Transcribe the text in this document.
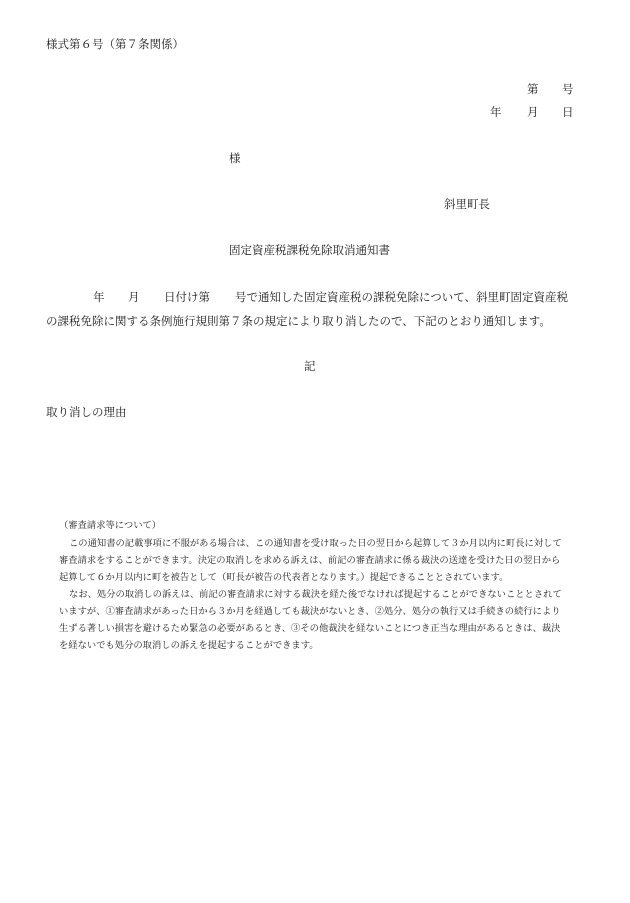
様式第６号（第７条関係）
第 号
年 月 日
様
斜里町長
固定資産税課税免除取消通知書
年 月 日付け第 号で通知した固定資産税の課税免除について、斜里町固定資産税
の課税免除に関する条例施行規則第７条の規定により取り消したので、下記のとおり通知します。
記
取り消しの理由
（審査請求等について）
この通知書の記載事項に不服がある場合は、この通知書を受け取った日の翌日から起算して３か月以内に町長に対して
審査請求をすることができます。決定の取消しを求める訴えは、前記の審査請求に係る裁決の送達を受けた日の翌日から
起算して６か月以内に町を被告として（町長が被告の代表者となります。）提起できることとされています。
なお、処分の取消しの訴えは、前記の審査請求に対する裁決を経た後でなければ提起することができないこととされて
いますが、①審査請求があった日から３か月を経過しても裁決がないとき、②処分、処分の執行又は手続きの続行により
生ずる著しい損害を避けるため緊急の必要があるとき、③その他裁決を経ないことにつき正当な理由があるときは、裁決
を経ないでも処分の取消しの訴えを提起することができます。
